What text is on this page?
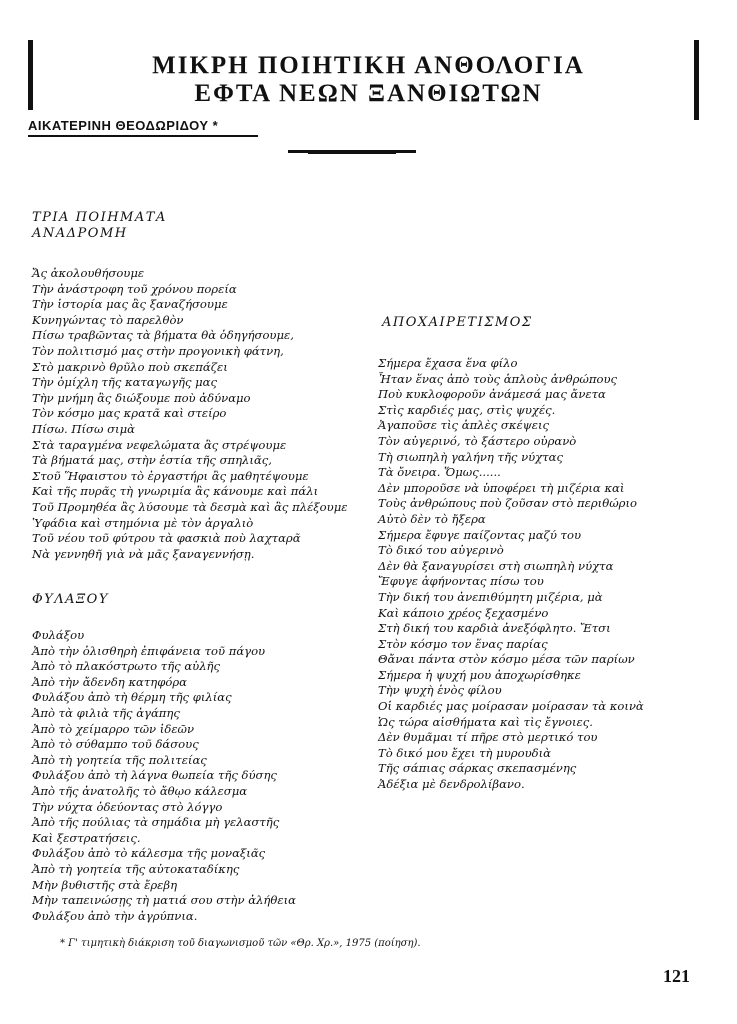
ΜΙΚΡΗ ΠΟΙΗΤΙΚΗ ΑΝΘΟΛΟΓΙΑ
ΕΦΤΑ ΝΕΩΝ ΞΑΝΘΙΩΤΩΝ
ΑΙΚΑΤΕΡΙΝΗ ΘΕΟΔΩΡΙΔΟΥ *
ΤΡΙΑ ΠΟΙΗΜΑΤΑ
ΑΝΑΔΡΟΜΗ
Ἄς ἀκολουθήσουμε
Τὴν ἀνάστροφη τοῦ χρόνου πορεία
Τὴν ἱστορία μας ἂς ξαναζήσουμε
Κυνηγώντας τὸ παρελθὸν
Πίσω τραβῶντας τὰ βήματα θὰ ὁδηγήσουμε,
Τὸν πολιτισμό μας στὴν προγονικὴ φάτνη,
Στὸ μακρινὸ θρῦλο ποὺ σκεπάζει
Τὴν ὁμίχλη τῆς καταγωγῆς μας
Τὴν μνήμη ἂς διώξουμε ποὺ ἀδύναμο
Τὸν κόσμο μας κρατᾶ καὶ στείρο
Πίσω. Πίσω σιμὰ
Στὰ ταραγμένα νεφελώματα ἂς στρέψουμε
Τὰ βήματά μας, στὴν ἑστία τῆς σπηλιᾶς,
Στοῦ Ἥφαιστου τὸ ἐργαστήρι ἂς μαθητέψουμε
Καὶ τῆς πυρᾶς τὴ γνωριμία ἂς κάνουμε καὶ πάλι
Τοῦ Προμηθέα ἂς λύσουμε τὰ δεσμὰ καὶ ἂς πλέξουμε
Ὑφάδια καὶ στημόνια μὲ τὸν ἀργαλιὸ
Τοῦ νέου τοῦ φύτρου τὰ φασκιὰ ποὺ λαχταρᾶ
Νὰ γεννηθῆ γιὰ νὰ μᾶς ξαναγεννήσῃ.
ΦΥΛΑΞΟΥ
Φυλάξου
Ἀπὸ τὴν ὀλισθηρὴ ἐπιφάνεια τοῦ πάγου
Ἀπὸ τὸ πλακόστρωτο τῆς αὐλῆς
Ἀπὸ τὴν ἄδενδη κατηφόρα
Φυλάξου ἀπὸ τὴ θέρμη τῆς φιλίας
Ἀπὸ τὰ φιλιὰ τῆς ἀγάπης
Ἀπὸ τὸ χείμαρρο τῶν ἰδεῶν
Ἀπὸ τὸ σύθαμπο τοῦ δάσους
Ἀπὸ τὴ γοητεία τῆς πολιτείας
Φυλάξου ἀπὸ τὴ λάγνα θωπεία τῆς δύσης
Ἀπὸ τῆς ἀνατολῆς τὸ ἄθῳο κάλεσμα
Τὴν νύχτα ὁδεύοντας στὸ λόγγο
Ἀπὸ τῆς πούλιας τὰ σημάδια μὴ γελαστῆς
Καὶ ξεστρατήσεις.
Φυλάξου ἀπὸ τὸ κάλεσμα τῆς μοναξιᾶς
Ἀπὸ τὴ γοητεία τῆς αὐτοκαταδίκης
Μὴν βυθιστῆς στὰ ἔρεβη
Μὴν ταπεινώσῃς τὴ ματιά σου στὴν ἀλήθεια
Φυλάξου ἀπὸ τὴν ἀγρύπνια.
ΑΠΟΧΑΙΡΕΤΙΣΜΟΣ
Σήμερα ἔχασα ἕνα φίλο
Ἦταν ἕνας ἀπὸ τοὺς ἁπλοὺς ἀνθρώπους
Ποὺ κυκλοφοροῦν ἀνάμεσά μας ἄνετα
Στὶς καρδιές μας, στὶς ψυχές.
Ἀγαποῦσε τὶς ἁπλὲς σκέψεις
Τὸν αὐγερινό, τὸ ξάστερο οὐρανὸ
Τὴ σιωπηλὴ γαλήνη τῆς νύχτας
Τὰ ὄνειρα. Ὅμως......
Δὲν μποροῦσε νὰ ὑποφέρει τὴ μιζέρια καὶ
Τοὺς ἀνθρώπους ποὺ ζοῦσαν στὸ περιθώριο
Αὐτὸ δὲν τὸ ἤξερα
Σήμερα ἔφυγε παίζοντας μαζύ του
Τὸ δικό του αὐγερινὸ
Δὲν θὰ ξαναγυρίσει στὴ σιωπηλὴ νύχτα
Ἔφυγε ἀφήνοντας πίσω του
Τὴν δική του ἀνεπιθύμητη μιζέρια, μὰ
Καὶ κάποιο χρέος ξεχασμένο
Στὴ δική του καρδιὰ ἀνεξόφλητο. Ἔτσι
Στὸν κόσμο τον ἕνας παρίας
Θἄναι πάντα στὸν κόσμο μέσα τῶν παρίων
Σήμερα ἡ ψυχή μου ἀποχωρίσθηκε
Τὴν ψυχὴ ἑνὸς φίλου
Οἱ καρδιές μας μοίρασαν μοίρασαν τὰ κοινὰ
Ὡς τώρα αἰσθήματα καὶ τὶς ἔγνοιες.
Δὲν θυμᾶμαι τί πῆρε στὸ μερτικό του
Τὸ δικό μου ἔχει τὴ μυρουδιὰ
Τῆς σάπιας σάρκας σκεπασμένης
Ἀδέξια μὲ δενδρολίβανο.
* Γ' τιμητικὴ διάκριση τοῦ διαγωνισμοῦ τῶν «Θρ. Χρ.», 1975 (ποίηση).
121
